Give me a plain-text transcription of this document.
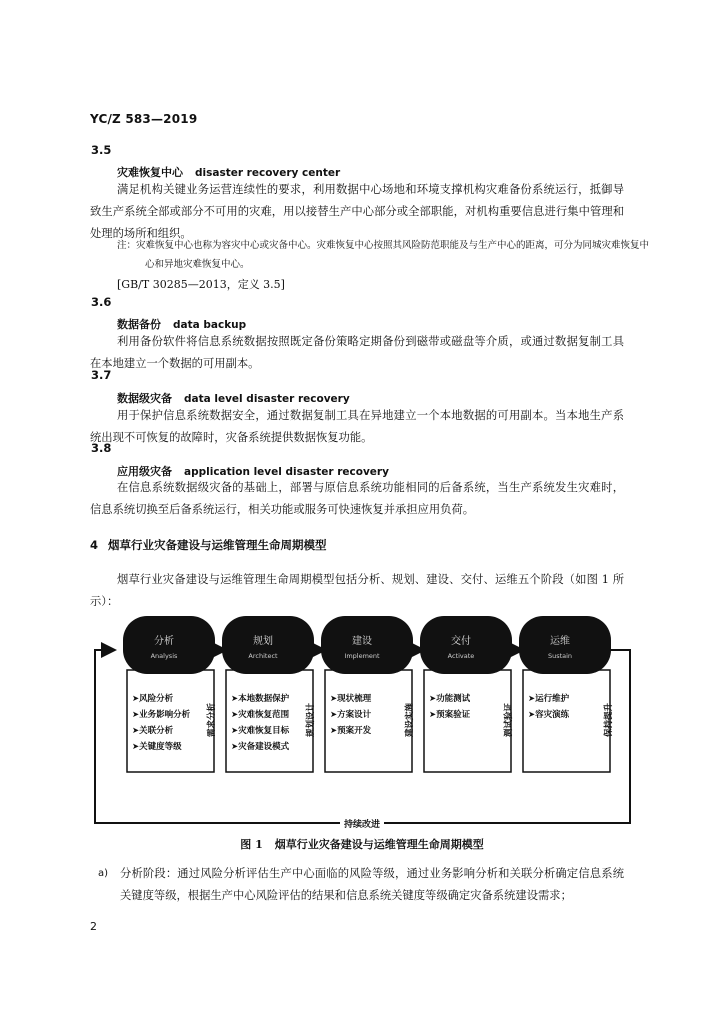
YC/Z 583—2019
3.5
灾难恢复中心 disaster recovery center

满足机构关键业务运营连续性的要求，利用数据中心场地和环境支撑机构灾难备份系统运行，抵御导致生产系统全部或部分不可用的灾难，用以接替生产中心部分或全部职能，对机构重要信息进行集中管理和处理的场所和组织。

注：灾难恢复中心也称为容灾中心或灾备中心。灾难恢复中心按照其风险防范职能及与生产中心的距离，可分为同城灾难恢复中心和异地灾难恢复中心。

[GB/T 30285—2013，定义 3.5]
3.6
数据备份 data backup

利用备份软件将信息系统数据按照既定备份策略定期备份到磁带或磁盘等介质，或通过数据复制工具在本地建立一个数据的可用副本。

3.7
数据级灾备 data level disaster recovery

用于保护信息系统数据安全，通过数据复制工具在异地建立一个本地数据的可用副本。当本地生产系统出现不可恢复的故障时，灾备系统提供数据恢复功能。

3.8
应用级灾备 application level disaster recovery

在信息系统数据级灾备的基础上，部署与原信息系统功能相同的后备系统，当生产系统发生灾难时，信息系统切换至后备系统运行，相关功能或服务可快速恢复并承担应用负荷。

4 烟草行业灾备建设与运维管理生命周期模型

烟草行业灾备建设与运维管理生命周期模型包括分析、规划、建设、交付、运维五个阶段（如图 1 所示）：

持续改进
分析
Analysis
➤风险分析
➤业务影响分析
➤关联分析
➤关键度等级
需求分析
规划
Architect
➤本地数据保护
➤灾难恢复范围
➤灾难恢复目标
➤灾备建设模式
规划设计
建设
Implement
➤现状梳理
➤方案设计
➤预案开发	建设实施
交付
Activate
➤功能测试
➤预案验证	测试验证
运维
Sustain
➤运行维护
➤容灾演练	保持提升
图 1 烟草行业灾备建设与运维管理生命周期模型
a) 分析阶段：通过风险分析评估生产中心面临的风险等级，通过业务影响分析和关联分析确定信息系统关键度等级，根据生产中心风险评估的结果和信息系统关键度等级确定灾备系统建设需求；
2
